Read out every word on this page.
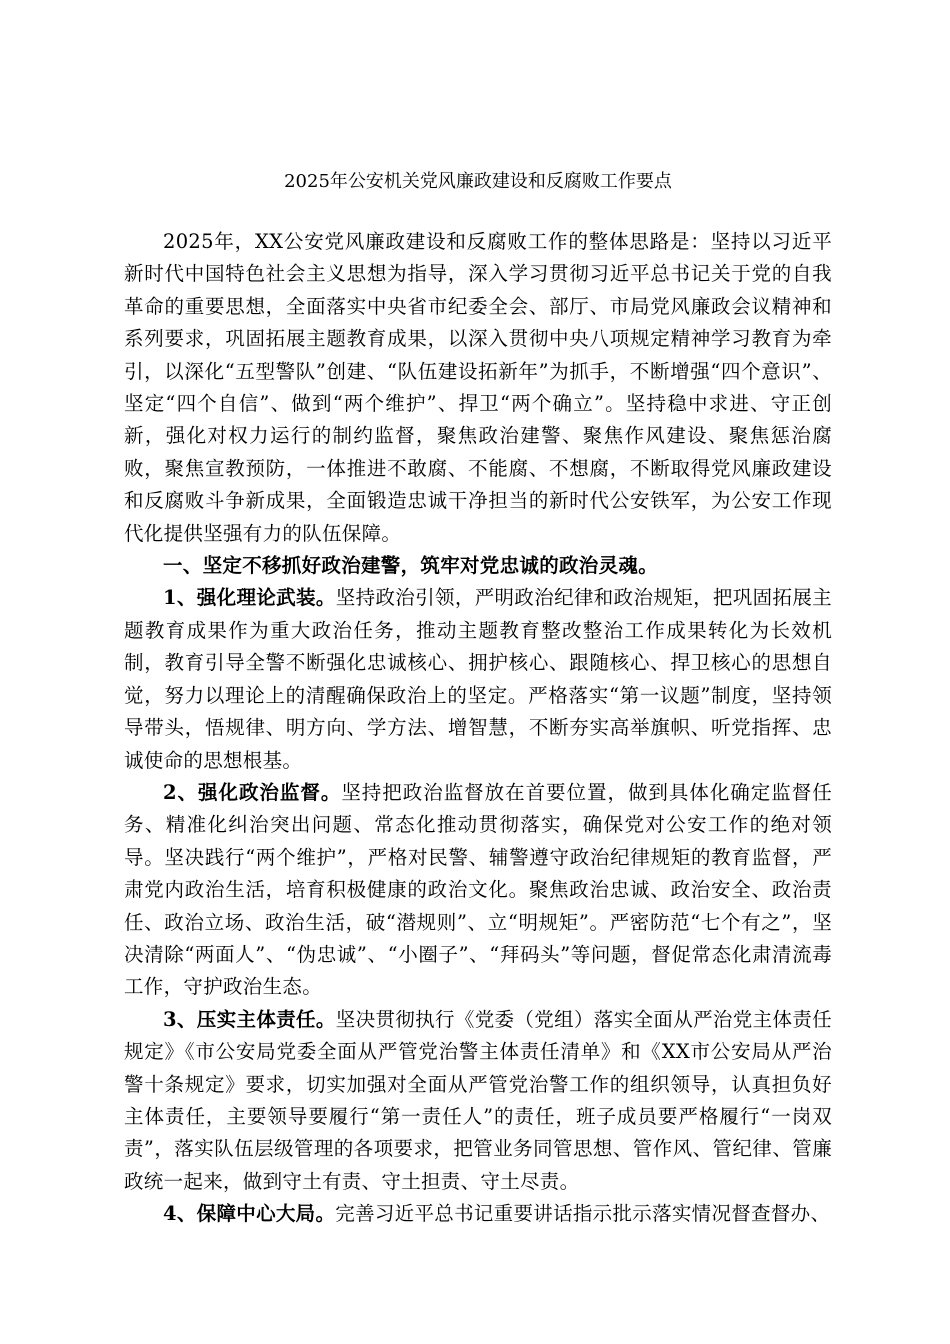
2025年公安机关党风廉政建设和反腐败工作要点

2025年，XX公安党风廉政建设和反腐败工作的整体思路是：坚持以习近平新时代中国特色社会主义思想为指导，深入学习贯彻习近平总书记关于党的自我革命的重要思想，全面落实中央省市纪委全会、部厅、市局党风廉政会议精神和系列要求，巩固拓展主题教育成果，以深入贯彻中央八项规定精神学习教育为牵引，以深化“五型警队”创建、“队伍建设拓新年”为抓手，不断增强“四个意识”、坚定“四个自信”、做到“两个维护”、捍卫“两个确立”。坚持稳中求进、守正创新，强化对权力运行的制约监督，聚焦政治建警、聚焦作风建设、聚焦惩治腐败，聚焦宣教预防，一体推进不敢腐、不能腐、不想腐，不断取得党风廉政建设和反腐败斗争新成果，全面锻造忠诚干净担当的新时代公安铁军，为公安工作现代化提供坚强有力的队伍保障。

一、坚定不移抓好政治建警，筑牢对党忠诚的政治灵魂。

1、强化理论武装。坚持政治引领，严明政治纪律和政治规矩，把巩固拓展主题教育成果作为重大政治任务，推动主题教育整改整治工作成果转化为长效机制，教育引导全警不断强化忠诚核心、拥护核心、跟随核心、捍卫核心的思想自觉，努力以理论上的清醒确保政治上的坚定。严格落实“第一议题”制度，坚持领导带头，悟规律、明方向、学方法、增智慧，不断夯实高举旗帜、听党指挥、忠诚使命的思想根基。

2、强化政治监督。坚持把政治监督放在首要位置，做到具体化确定监督任务、精准化纠治突出问题、常态化推动贯彻落实，确保党对公安工作的绝对领导。坚决践行“两个维护”，严格对民警、辅警遵守政治纪律规矩的教育监督，严肃党内政治生活，培育积极健康的政治文化。聚焦政治忠诚、政治安全、政治责任、政治立场、政治生活，破“潜规则”、立“明规矩”。严密防范“七个有之”，坚决清除“两面人”、“伪忠诚”、“小圈子”、“拜码头”等问题，督促常态化肃清流毒工作，守护政治生态。

3、压实主体责任。坚决贯彻执行《党委（党组）落实全面从严治党主体责任规定》《市公安局党委全面从严管党治警主体责任清单》和《XX市公安局从严治警十条规定》要求，切实加强对全面从严管党治警工作的组织领导，认真担负好主体责任，主要领导要履行“第一责任人”的责任，班子成员要严格履行“一岗双责”，落实队伍层级管理的各项要求，把管业务同管思想、管作风、管纪律、管廉政统一起来，做到守土有责、守土担责、守土尽责。

4、保障中心大局。完善习近平总书记重要讲话指示批示落实情况督查督办、
